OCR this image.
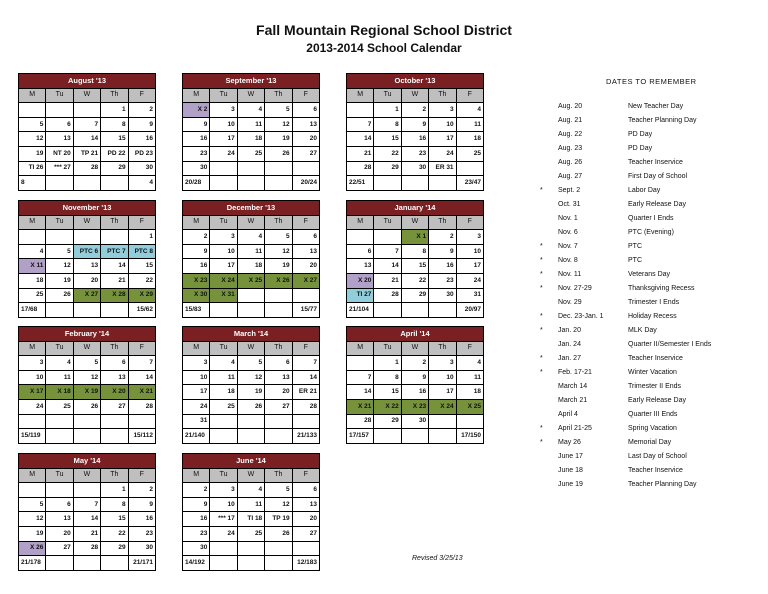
Fall Mountain Regional School District
2013-2014 School Calendar
August '13				
M	Tu	W	Th	F
			1	2
5	6	7	8	9
12	13	14	15	16
19	NT 20	TP 21	PD 22	PD 23
TI 26	*** 27	28	29	30
8				4
September '13				
M	Tu	W	Th	F
X 2	3	4	5	6
9	10	11	12	13
16	17	18	19	20
23	24	25	26	27
30				
20/28				20/24
October '13				
M	Tu	W	Th	F
	1	2	3	4
7	8	9	10	11
14	15	16	17	18
21	22	23	24	25
28	29	30	ER 31	
22/51				23/47
November '13				
M	Tu	W	Th	F
				1
4	5	PTC 6	PTC 7	PTC 8
X 11	12	13	14	15
18	19	20	21	22
25	26	X 27	X 28	X 29
17/68				15/62
December '13				
M	Tu	W	Th	F
2	3	4	5	6
9	10	11	12	13
16	17	18	19	20
X 23	X 24	X 25	X 26	X 27
X 30	X 31			
15/83				15/77
January '14				
M	Tu	W	Th	F
		X 1	2	3
6	7	8	9	10
13	14	15	16	17
X 20	21	22	23	24
TI 27	28	29	30	31
21/104				20/97
February '14				
M	Tu	W	Th	F
3	4	5	6	7
10	11	12	13	14
X 17	X 18	X 19	X 20	X 21
24	25	26	27	28

15/119				15/112
March '14				
M	Tu	W	Th	F
3	4	5	6	7
10	11	12	13	14
17	18	19	20	ER 21
24	25	26	27	28
31				
21/140				21/133
April '14				
M	Tu	W	Th	F
	1	2	3	4
7	8	9	10	11
14	15	16	17	18
X 21	X 22	X 23	X 24	X 25
28	29	30		
17/157				17/150
May '14				
M	Tu	W	Th	F
			1	2
5	6	7	8	9
12	13	14	15	16
19	20	21	22	23
X 26	27	28	29	30
21/178				21/171
June '14				
M	Tu	W	Th	F
2	3	4	5	6
9	10	11	12	13
16	*** 17	TI 18	TP 19	20
23	24	25	26	27
30				
14/192				12/183
DATES TO REMEMBER
Aug. 20	New Teacher Day
Aug. 21	Teacher Planning Day
Aug. 22	PD Day
Aug. 23	PD Day
Aug. 26	Teacher Inservice
Aug. 27	First Day of School
* Sept. 2	Labor Day
Oct. 31	Early Release Day
Nov. 1	Quarter I Ends
Nov. 6	PTC (Evening)
* Nov. 7	PTC
* Nov. 8	PTC
* Nov. 11	Veterans Day
* Nov. 27-29	Thanksgiving Recess
Nov. 29	Trimester I Ends
* Dec. 23-Jan. 1	Holiday Recess
* Jan. 20	MLK Day
Jan. 24	Quarter II/Semester I Ends
* Jan. 27	Teacher Inservice
* Feb. 17-21	Winter Vacation
March 14	Trimester II Ends
March 21	Early Release Day
April 4	Quarter III Ends
* April 21-25	Spring Vacation
* May 26	Memorial Day
June 17	Last Day of School
June 18	Teacher Inservice
June 19	Teacher Planning Day
Revised 3/25/13
